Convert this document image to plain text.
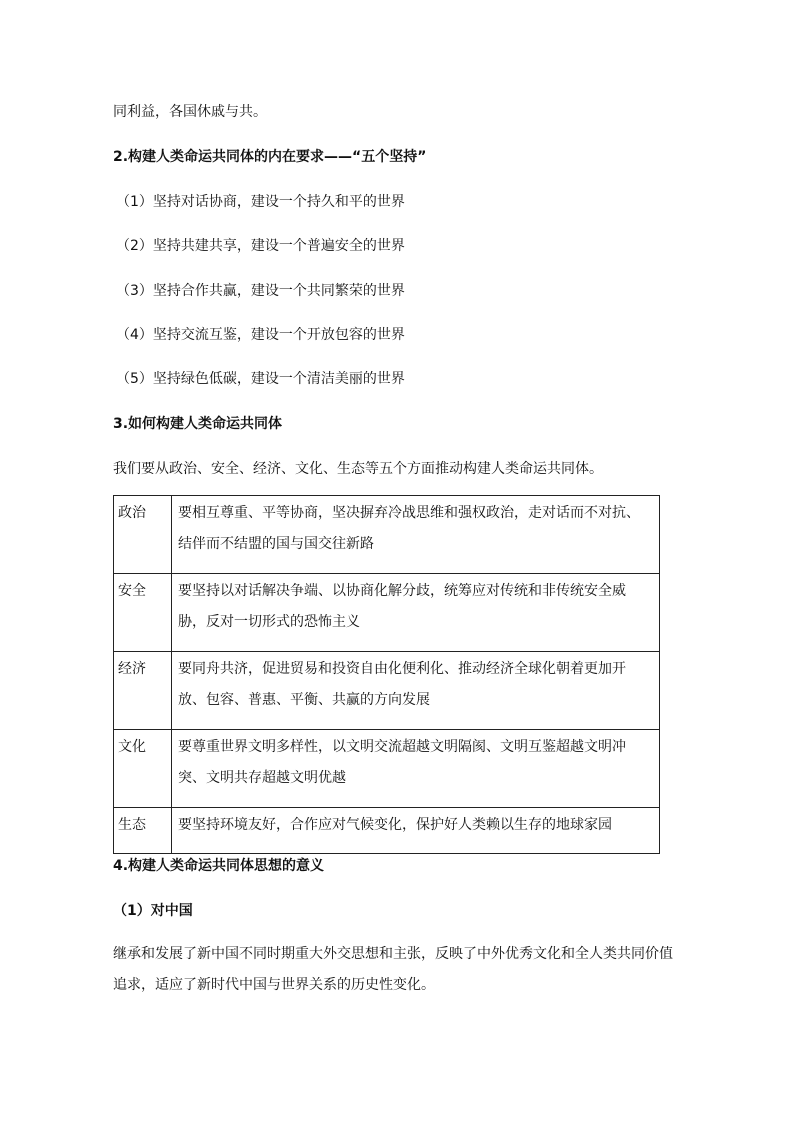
同利益，各国休戚与共。
2.构建人类命运共同体的内在要求——“五个坚持”
（1）坚持对话协商，建设一个持久和平的世界
（2）坚持共建共享，建设一个普遍安全的世界
（3）坚持合作共赢，建设一个共同繁荣的世界
（4）坚持交流互鉴，建设一个开放包容的世界
（5）坚持绿色低碳，建设一个清洁美丽的世界
3.如何构建人类命运共同体
我们要从政治、安全、经济、文化、生态等五个方面推动构建人类命运共同体。
政治	要相互尊重、平等协商，坚决摒弃冷战思维和强权政治，走对话而不对抗、结伴而不结盟的国与国交往新路
安全	要坚持以对话解决争端、以协商化解分歧，统筹应对传统和非传统安全威胁，反对一切形式的恐怖主义
经济	要同舟共济，促进贸易和投资自由化便利化、推动经济全球化朝着更加开放、包容、普惠、平衡、共赢的方向发展
文化	要尊重世界文明多样性，以文明交流超越文明隔阂、文明互鉴超越文明冲突、文明共存超越文明优越
生态	要坚持环境友好，合作应对气候变化，保护好人类赖以生存的地球家园
4.构建人类命运共同体思想的意义
（1）对中国
继承和发展了新中国不同时期重大外交思想和主张，反映了中外优秀文化和全人类共同价值追求，适应了新时代中国与世界关系的历史性变化。
